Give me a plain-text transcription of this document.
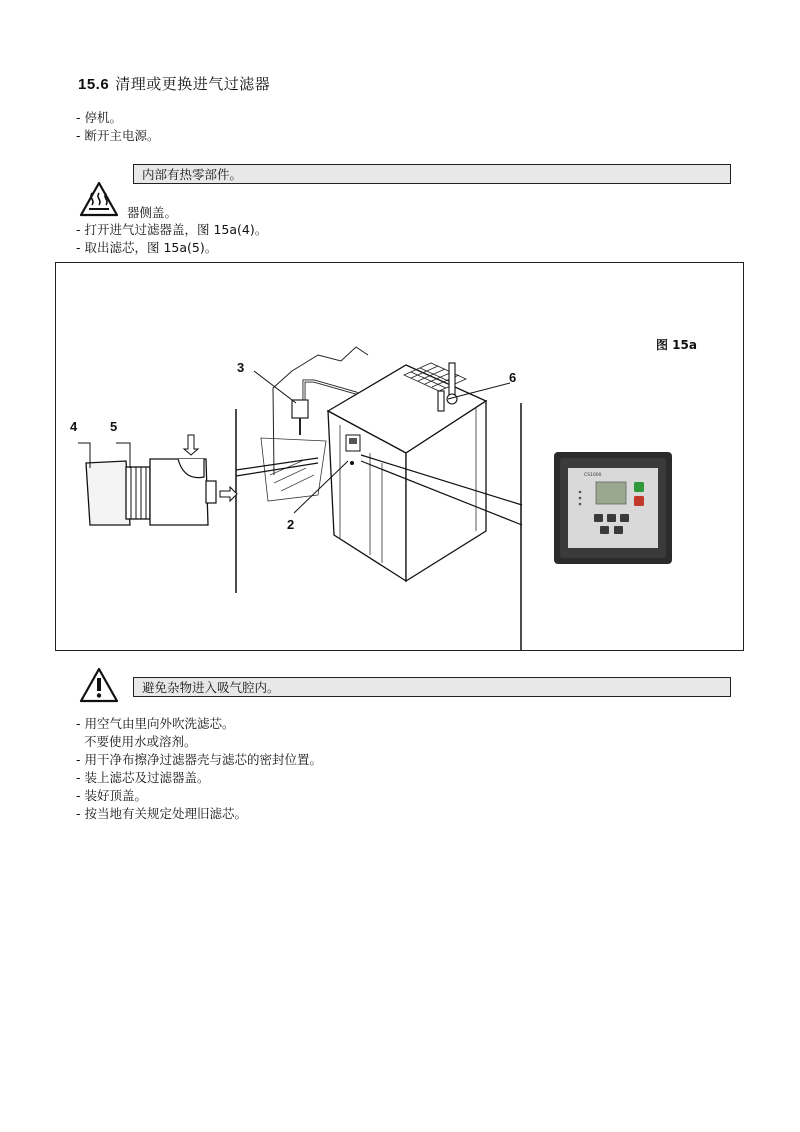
15.6 清理或更换进气过滤器
- 停机。
- 断开主电源。
内部有热零部件。
器侧盖。
- 打开进气过滤器盖，图 15a(4)。
- 取出滤芯，图 15a(5)。
3
6
4	5
2
图 15a
CS1000
避免杂物进入吸气腔内。
- 用空气由里向外吹洗滤芯。
不要使用水或溶剂。
- 用干净布擦净过滤器壳与滤芯的密封位置。
- 装上滤芯及过滤器盖。
- 装好顶盖。
- 按当地有关规定处理旧滤芯。
